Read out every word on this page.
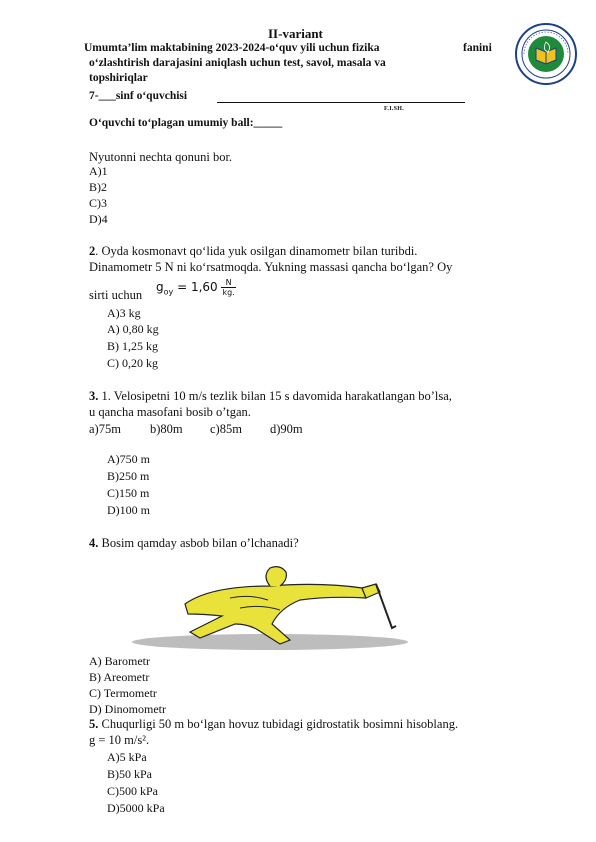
II-variant
Umumta’lim maktabining 2023-2024-o‘quv yili uchun fizika	fanini
o‘zlashtirish darajasini aniqlash uchun test, savol, masala va
topshiriqlar
7-___sinf o‘quvchisi
F.I.SH.
O‘quvchi to‘plagan umumiy ball:_____
Nyutonni nechta qonuni bor.
A)1
B)2
C)3
D)4
2. Oyda kosmonavt qo‘lida yuk osilgan dinamometr bilan turibdi.
Dinamometr 5 N ni ko‘rsatmoqda. Yukning massasi qancha bo‘lgan? Oy
sirti uchun
$g_{oy} = 1,60 \frac{N}{kg.}$
A)3 kg
A) 0,80 kg
B) 1,25 kg
C) 0,20 kg
3. 1. Velosipetni 10 m/s tezlik bilan 15 s davomida harakatlangan bo’lsa,
u qancha masofani bosib o’tgan.
a)75m b)80m c)85m d)90m
A)750 m
B)250 m
C)150 m
D)100 m
4. Bosim qamday asbob bilan o’lchanadi?
A) Barometr
B) Areometr
C) Termometr
D) Dinomometr
5. Chuqurligi 50 m bo‘lgan hovuz tubidagi gidrostatik bosimni hisoblang.
g = 10 m/s².
A)5 kPa
B)50 kPa
C)500 kPa
D)5000 kPa
